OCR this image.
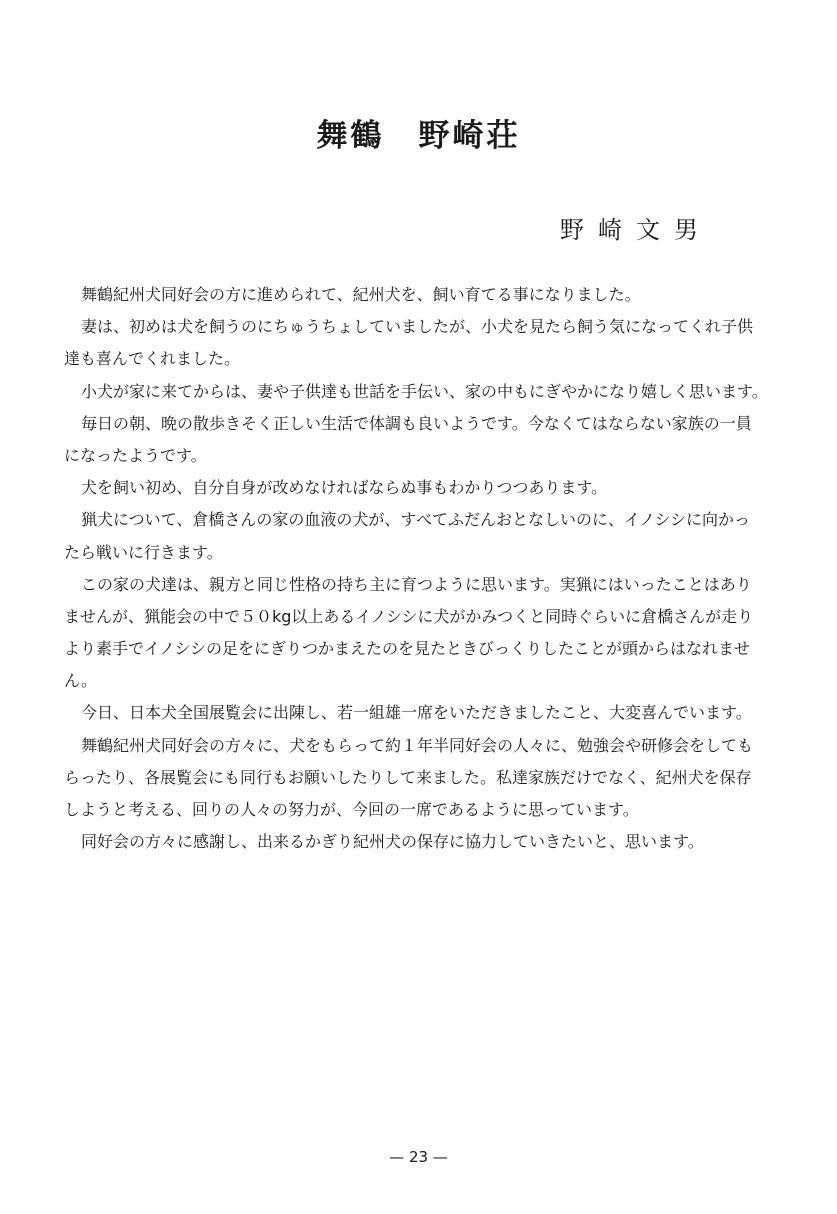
舞鶴　野崎荘
野崎文男
舞鶴紀州犬同好会の方に進められて、紀州犬を、飼い育てる事になりました。
妻は、初めは犬を飼うのにちゅうちょしていましたが、小犬を見たら飼う気になってくれ子供
達も喜んでくれました。
小犬が家に来てからは、妻や子供達も世話を手伝い、家の中もにぎやかになり嬉しく思います。
毎日の朝、晩の散歩きそく正しい生活で体調も良いようです。今なくてはならない家族の一員
になったようです。
犬を飼い初め、自分自身が改めなければならぬ事もわかりつつあります。
猟犬について、倉橋さんの家の血液の犬が、すべてふだんおとなしいのに、イノシシに向かっ
たら戦いに行きます。
この家の犬達は、親方と同じ性格の持ち主に育つように思います。実猟にはいったことはあり
ませんが、猟能会の中で５０kg以上あるイノシシに犬がかみつくと同時ぐらいに倉橋さんが走り
より素手でイノシシの足をにぎりつかまえたのを見たときびっくりしたことが頭からはなれませ
ん。
今日、日本犬全国展覧会に出陳し、若一組雄一席をいただきましたこと、大変喜んでいます。
舞鶴紀州犬同好会の方々に、犬をもらって約１年半同好会の人々に、勉強会や研修会をしても
らったり、各展覧会にも同行もお願いしたりして来ました。私達家族だけでなく、紀州犬を保存
しようと考える、回りの人々の努力が、今回の一席であるように思っています。
同好会の方々に感謝し、出来るかぎり紀州犬の保存に協力していきたいと、思います。
— 23 —
